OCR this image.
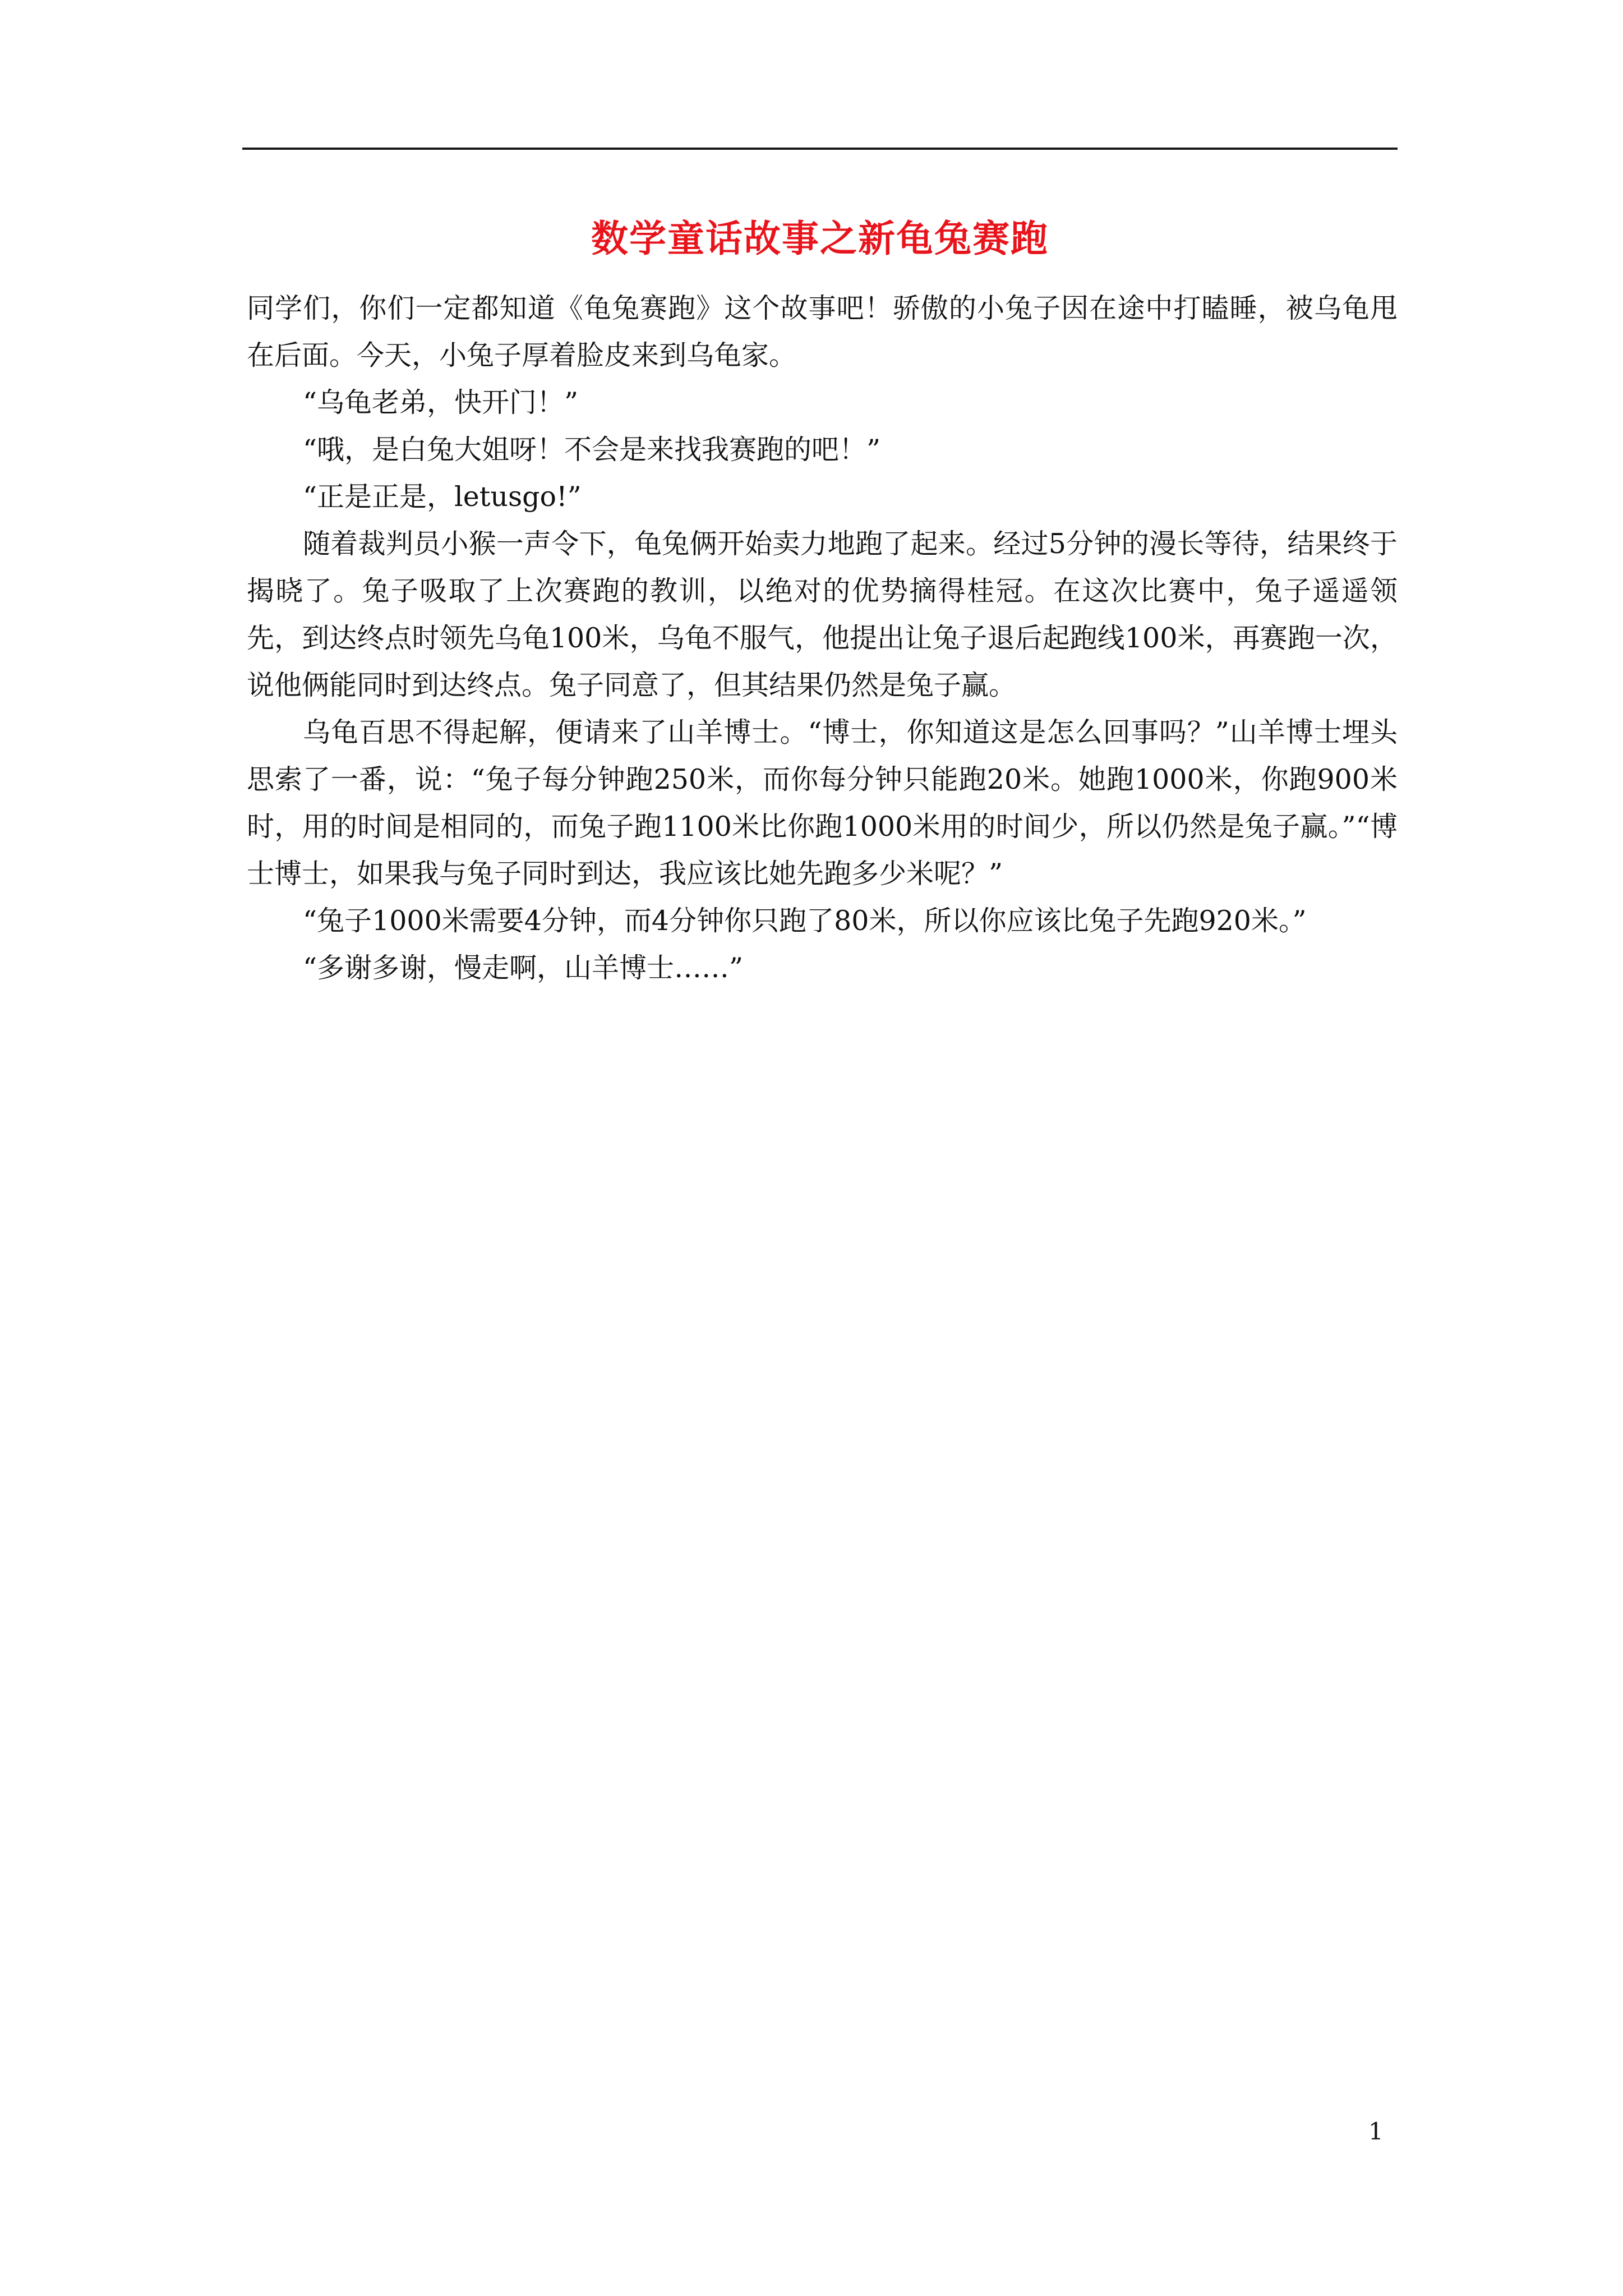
数学童话故事之新龟兔赛跑

同学们，你们一定都知道《龟兔赛跑》这个故事吧！骄傲的小兔子因在途中打瞌睡，被乌龟甩在后面。今天，小兔子厚着脸皮来到乌龟家。

“乌龟老弟，快开门！”

“哦，是白兔大姐呀！不会是来找我赛跑的吧！”

“正是正是，letusgo!”

随着裁判员小猴一声令下，龟兔俩开始卖力地跑了起来。经过5分钟的漫长等待，结果终于揭晓了。兔子吸取了上次赛跑的教训，以绝对的优势摘得桂冠。在这次比赛中，兔子遥遥领先，到达终点时领先乌龟100米，乌龟不服气，他提出让兔子退后起跑线100米，再赛跑一次，说他俩能同时到达终点。兔子同意了，但其结果仍然是兔子赢。

乌龟百思不得起解，便请来了山羊博士。“博士，你知道这是怎么回事吗？”山羊博士埋头思索了一番，说：“兔子每分钟跑250米，而你每分钟只能跑20米。她跑1000米，你跑900米时，用的时间是相同的，而兔子跑1100米比你跑1000米用的时间少，所以仍然是兔子赢。”“博士博士，如果我与兔子同时到达，我应该比她先跑多少米呢？”

“兔子1000米需要4分钟，而4分钟你只跑了80米，所以你应该比兔子先跑920米。”

“多谢多谢，慢走啊，山羊博士……”

1
